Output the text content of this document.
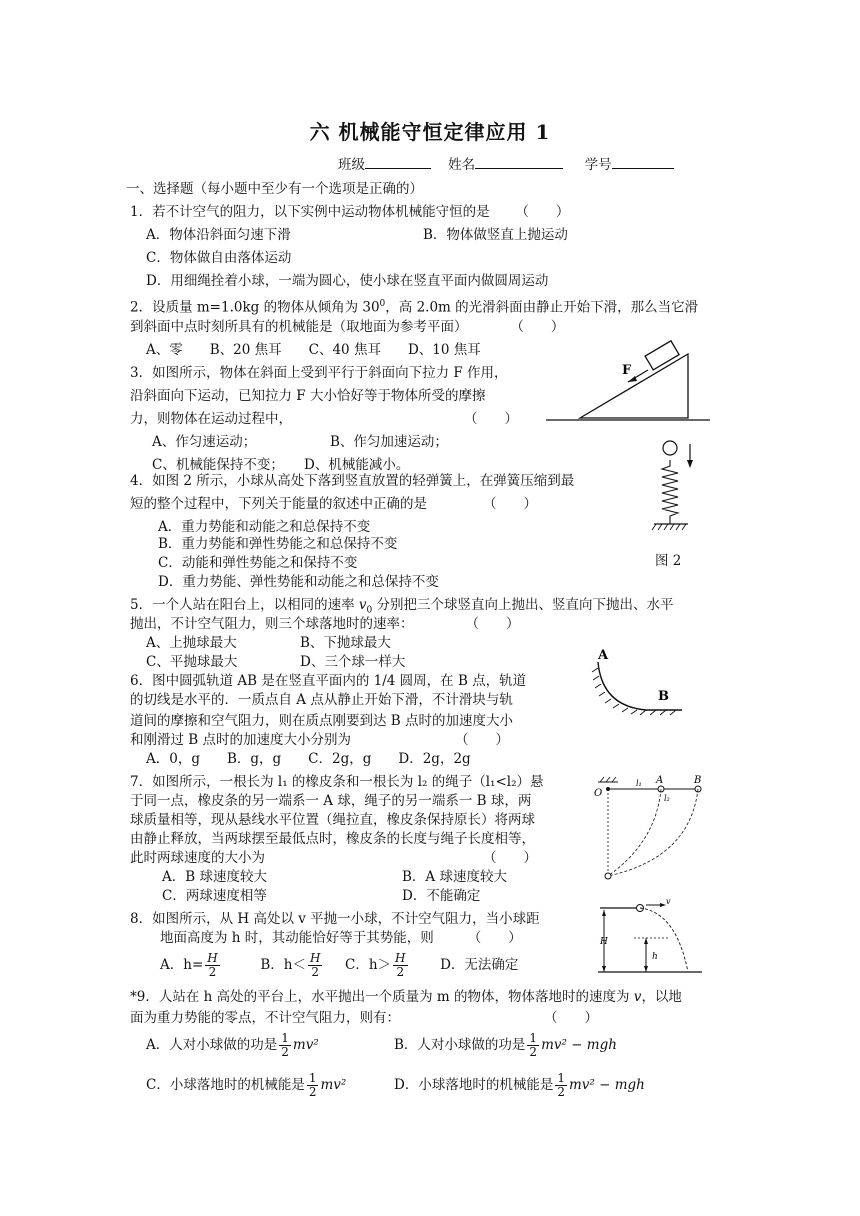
六 机械能守恒定律应用 1
班级	姓名	学号
一、选择题（每小题中至少有一个选项是正确的）
1．若不计空气的阻力，以下实例中运动物体机械能守恒的是 （　　）
A．物体沿斜面匀速下滑	B．物体做竖直上抛运动
C．物体做自由落体运动
D．用细绳拴着小球，一端为圆心，使小球在竖直平面内做圆周运动
2．设质量 m=1.0kg 的物体从倾角为 $30^0$，高 2.0m 的光滑斜面由静止开始下滑，那么当它滑
到斜面中点时刻所具有的机械能是（取地面为参考平面）	（　　）
A、零　　B、20 焦耳　　C、40 焦耳　　D、10 焦耳
3．如图所示，物体在斜面上受到平行于斜面向下拉力 F 作用，
沿斜面向下运动，已知拉力 F 大小恰好等于物体所受的摩擦
力，则物体在运动过程中，	（　　）
A、作匀速运动；	B、作匀加速运动；
C、机械能保持不变； D、机械能减小。
F
4．如图 2 所示，小球从高处下落到竖直放置的轻弹簧上，在弹簧压缩到最
短的整个过程中，下列关于能量的叙述中正确的是	（　　）
A．重力势能和动能之和总保持不变
B．重力势能和弹性势能之和总保持不变
C．动能和弹性势能之和保持不变
D．重力势能、弹性势能和动能之和总保持不变
图 2
5．一个人站在阳台上，以相同的速率 $v_0$ 分别把三个球竖直向上抛出、竖直向下抛出、水平
抛出，不计空气阻力，则三个球落地时的速率：	（　　）
A、上抛球最大	B、下抛球最大
C、平抛球最大	D、三个球一样大
6．图中圆弧轨道 AB 是在竖直平面内的 1/4 圆周，在 B 点，轨道
的切线是水平的．一质点自 A 点从静止开始下滑，不计滑块与轨
道间的摩擦和空气阻力，则在质点刚要到达 B 点时的加速度大小
和刚滑过 B 点时的加速度大小分别为	（　　）
A．0，g　　B．g，g　　C．2g，g　　D．2g，2g
A
B
7．如图所示，一根长为 l₁ 的橡皮条和一根长为 l₂ 的绳子（l₁<l₂）悬
于同一点，橡皮条的另一端系一 A 球，绳子的另一端系一 B 球，两
球质量相等，现从悬线水平位置（绳拉直，橡皮条保持原长）将两球
由静止释放，当两球摆至最低点时，橡皮条的长度与绳子长度相等，
此时两球速度的大小为	（　　）
A．B 球速度较大	B．A 球速度较大
C．两球速度相等	D．不能确定
O
A	B
l₁
l₂
8．如图所示，从 H 高处以 v 平抛一小球，不计空气阻力，当小球距
地面高度为 h 时，其动能恰好等于其势能，则	（　　）
A．$h= \frac{H}{2}$	B．$h< \frac{H}{2}$ C．$h> \frac{H}{2}$ D．无法确定
v
H
h
*9．人站在 h 高处的平台上，水平抛出一个质量为 m 的物体，物体落地时的速度为 v，以地
面为重力势能的零点，不计空气阻力，则有：	（　　）
A．人对小球做的功是 $\frac{1}{2} mv^2$	B．人对小球做的功是 $\frac{1}{2} mv^2$ − mgh
C．小球落地时的机械能是 $\frac{1}{2} mv^2$	D．小球落地时的机械能是 $\frac{1}{2} mv^2$ − mgh
